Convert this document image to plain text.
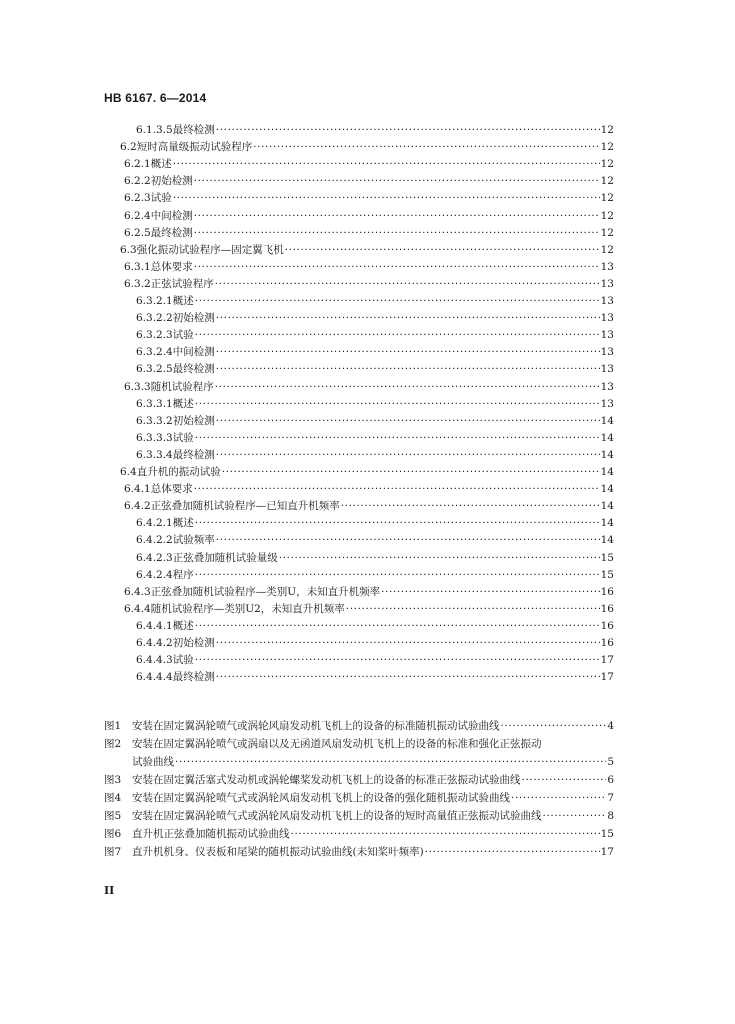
HB 6167. 6—2014
6.1.3.5 最终检测 ·····	12
6.2 短时高量级振动试验程序 ·····	12
6.2.1 概述 ·····	12
6.2.2 初始检测 ·····	12
6.2.3 试验 ·····	12
6.2.4 中间检测 ·····	12
6.2.5 最终检测 ·····	12
6.3 强化振动试验程序—固定翼飞机 ·····	12
6.3.1 总体要求 ·····	13
6.3.2 正弦试验程序 ·····	13
6.3.2.1 概述 ·····	13
6.3.2.2 初始检测 ·····	13
6.3.2.3 试验 ·····	13
6.3.2.4 中间检测 ·····	13
6.3.2.5 最终检测 ·····	13
6.3.3 随机试验程序 ·····	13
6.3.3.1 概述 ·····	13
6.3.3.2 初始检测 ·····	14
6.3.3.3 试验 ·····	14
6.3.3.4 最终检测 ·····	14
6.4 直升机的振动试验 ·····	14
6.4.1 总体要求 ·····	14
6.4.2 正弦叠加随机试验程序—已知直升机频率 ·····	14
6.4.2.1 概述 ·····	14
6.4.2.2 试验频率 ·····	14
6.4.2.3 正弦叠加随机试验量级 ·····	15
6.4.2.4 程序 ·····	15
6.4.3 正弦叠加随机试验程序—类别U，未知直升机频率 ·····	16
6.4.4 随机试验程序—类别U2，未知直升机频率 ·····	16
6.4.4.1 概述 ·····	16
6.4.4.2 初始检测 ·····	16
6.4.4.3 试验 ·····	17
6.4.4.4 最终检测 ·····	17
图1	安装在固定翼涡轮喷气或涡轮风扇发动机飞机上的设备的标准随机振动试验曲线 ·····	4
图2	安装在固定翼涡轮喷气或涡扇以及无函道风扇发动机飞机上的设备的标准和强化正弦振动
试验曲线 ·····	5
图3	安装在固定翼活塞式发动机或涡轮螺桨发动机飞机上的设备的标准正弦振动试验曲线 ·····	6
图4	安装在固定翼涡轮喷气式或涡轮风扇发动机飞机上的设备的强化随机振动试验曲线 ·····	7
图5	安装在固定翼涡轮喷气式或涡轮风扇发动机飞机上的设备的短时高量值正弦振动试验曲线 ·····	8
图6	直升机正弦叠加随机振动试验曲线 ·····	15
图7	直升机机身、仪表板和尾梁的随机振动试验曲线(未知桨叶频率) ·····	17
II
